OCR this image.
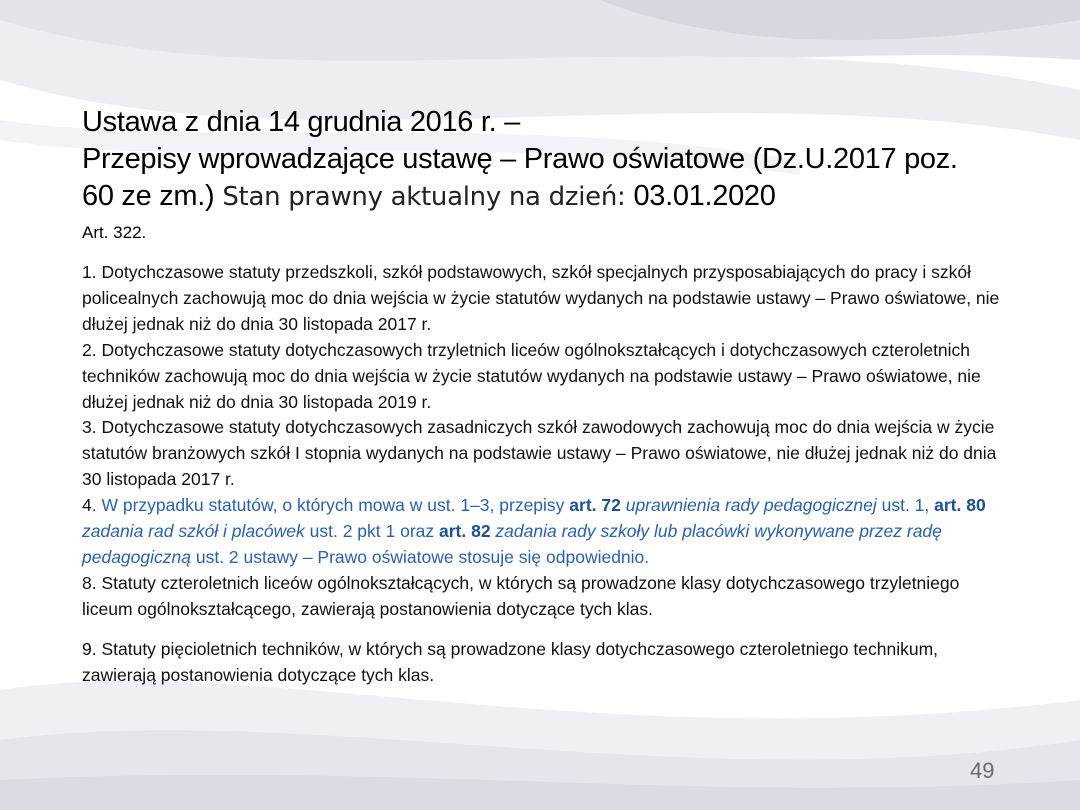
Ustawa z dnia 14 grudnia 2016 r. –
Przepisy wprowadzające ustawę – Prawo oświatowe (Dz.U.2017 poz.
60 ze zm.) Stan prawny aktualny na dzień: 03.01.2020
Art. 322.

1. Dotychczasowe statuty przedszkoli, szkół podstawowych, szkół specjalnych przysposabiających do pracy i szkół policealnych zachowują moc do dnia wejścia w życie statutów wydanych na podstawie ustawy – Prawo oświatowe, nie dłużej jednak niż do dnia 30 listopada 2017 r.

2. Dotychczasowe statuty dotychczasowych trzyletnich liceów ogólnokształcących i dotychczasowych czteroletnich techników zachowują moc do dnia wejścia w życie statutów wydanych na podstawie ustawy – Prawo oświatowe, nie dłużej jednak niż do dnia 30 listopada 2019 r.

3. Dotychczasowe statuty dotychczasowych zasadniczych szkół zawodowych zachowują moc do dnia wejścia w życie statutów branżowych szkół I stopnia wydanych na podstawie ustawy – Prawo oświatowe, nie dłużej jednak niż do dnia 30 listopada 2017 r.

4. W przypadku statutów, o których mowa w ust. 1–3, przepisy art. 72 uprawnienia rady pedagogicznej ust. 1, art. 80 zadania rad szkół i placówek ust. 2 pkt 1 oraz art. 82 zadania rady szkoły lub placówki wykonywane przez radę pedagogiczną ust. 2 ustawy – Prawo oświatowe stosuje się odpowiednio.

8. Statuty czteroletnich liceów ogólnokształcących, w których są prowadzone klasy dotychczasowego trzyletniego liceum ogólnokształcącego, zawierają postanowienia dotyczące tych klas.

9. Statuty pięcioletnich techników, w których są prowadzone klasy dotychczasowego czteroletniego technikum, zawierają postanowienia dotyczące tych klas.

49
